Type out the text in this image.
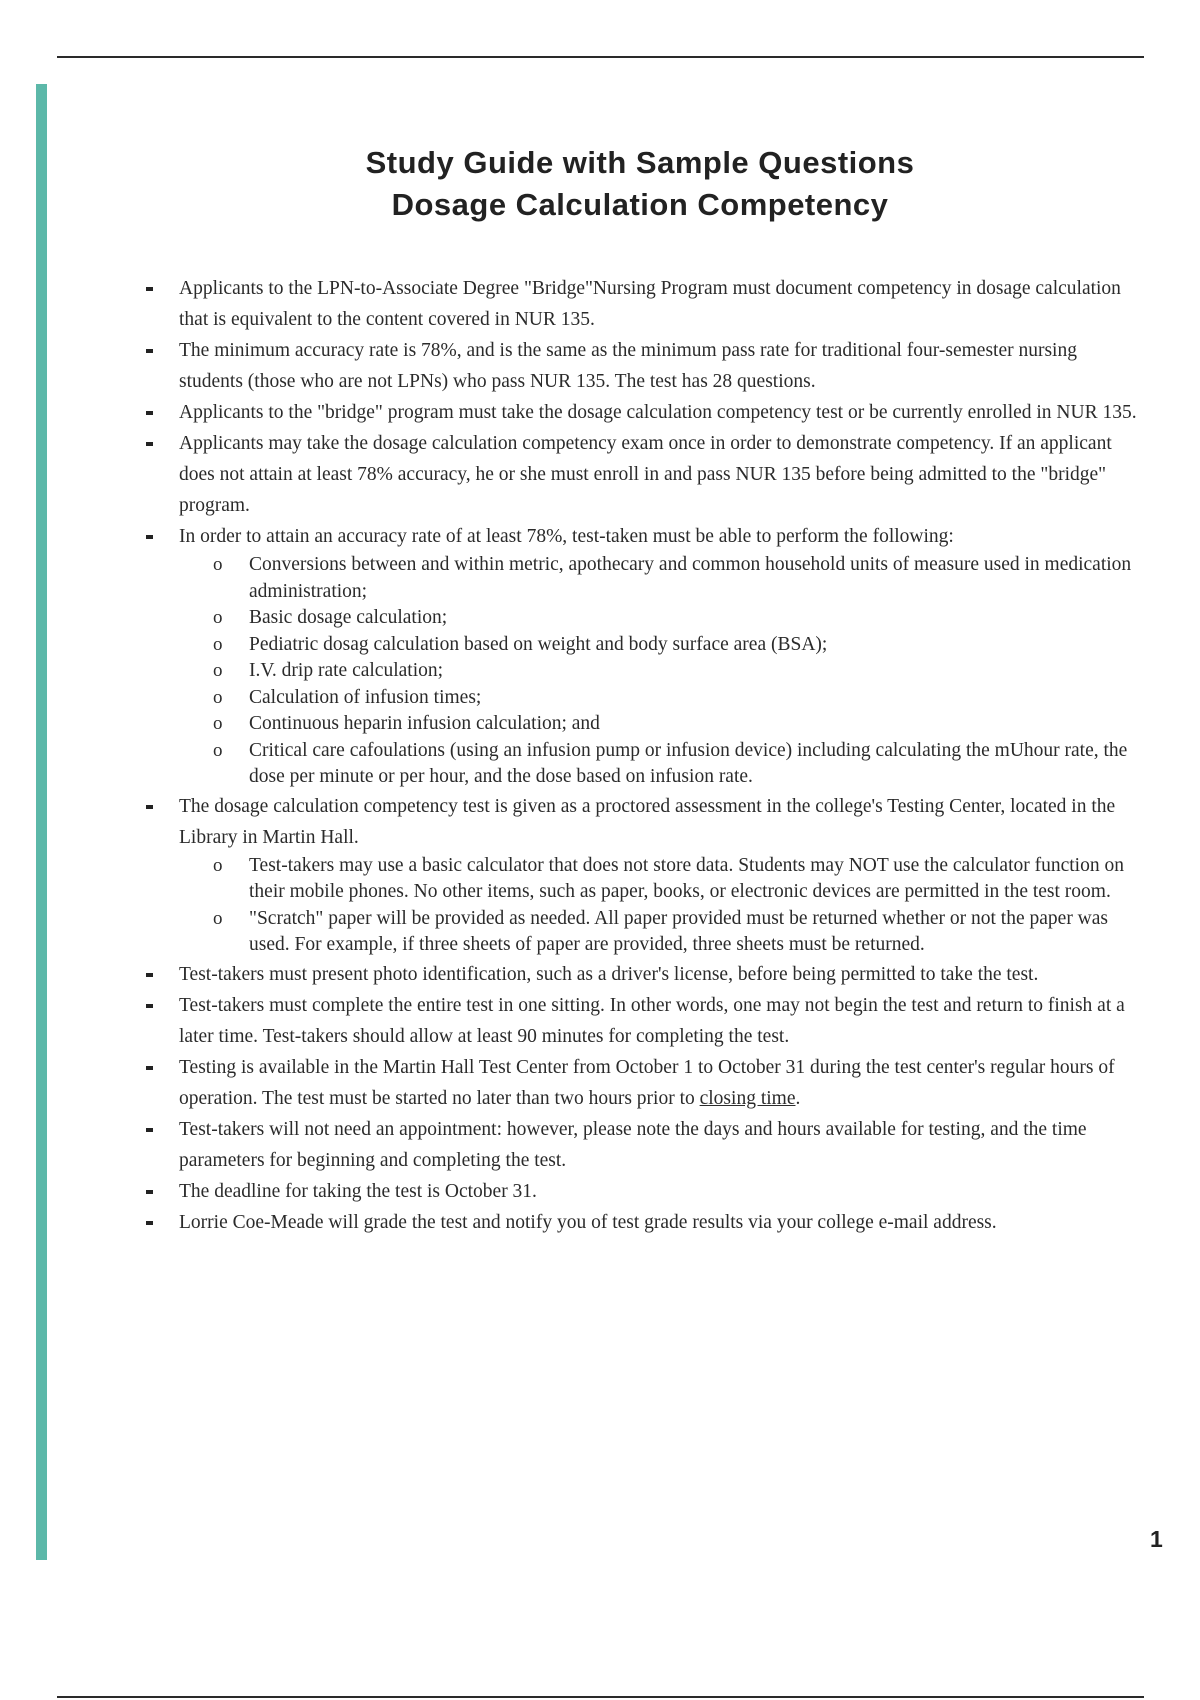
Study Guide with Sample Questions
Dosage Calculation Competency
Applicants to the LPN-to-Associate Degree "Bridge"Nursing Program must document competency in dosage calculation that is equivalent to the content covered in NUR 135.
The minimum accuracy rate is 78%, and is the same as the minimum pass rate for traditional four-semester nursing students (those who are not LPNs) who pass NUR 135. The test has 28 questions.
Applicants to the "bridge" program must take the dosage calculation competency test or be currently enrolled in NUR 135.
Applicants may take the dosage calculation competency exam once in order to demonstrate competency. If an applicant does not attain at least 78% accuracy, he or she must enroll in and pass NUR 135 before being admitted to the "bridge" program.
In order to attain an accuracy rate of at least 78%, test-taken must be able to perform the following:
o Conversions between and within metric, apothecary and common household units of measure used in medication administration;
o Basic dosage calculation;
o Pediatric dosag calculation based on weight and body surface area (BSA);
o I.V. drip rate calculation;
o Calculation of infusion times;
o Continuous heparin infusion calculation; and
o Critical care cafoulations (using an infusion pump or infusion device) including calculating the mUhour rate, the dose per minute or per hour, and the dose based on infusion rate.
The dosage calculation competency test is given as a proctored assessment in the college's Testing Center, located in the Library in Martin Hall.
o Test-takers may use a basic calculator that does not store data. Students may NOT use the calculator function on their mobile phones. No other items, such as paper, books, or electronic devices are permitted in the test room.
o "Scratch" paper will be provided as needed. All paper provided must be returned whether or not the paper was used. For example, if three sheets of paper are provided, three sheets must be returned.
Test-takers must present photo identification, such as a driver's license, before being permitted to take the test.
Test-takers must complete the entire test in one sitting. In other words, one may not begin the test and return to finish at a later time. Test-takers should allow at least 90 minutes for completing the test.
Testing is available in the Martin Hall Test Center from October 1 to October 31 during the test center's regular hours of operation. The test must be started no later than two hours prior to closing time.
Test-takers will not need an appointment: however, please note the days and hours available for testing, and the time parameters for beginning and completing the test.
The deadline for taking the test is October 31.
Lorrie Coe-Meade will grade the test and notify you of test grade results via your college e-mail address.
1
